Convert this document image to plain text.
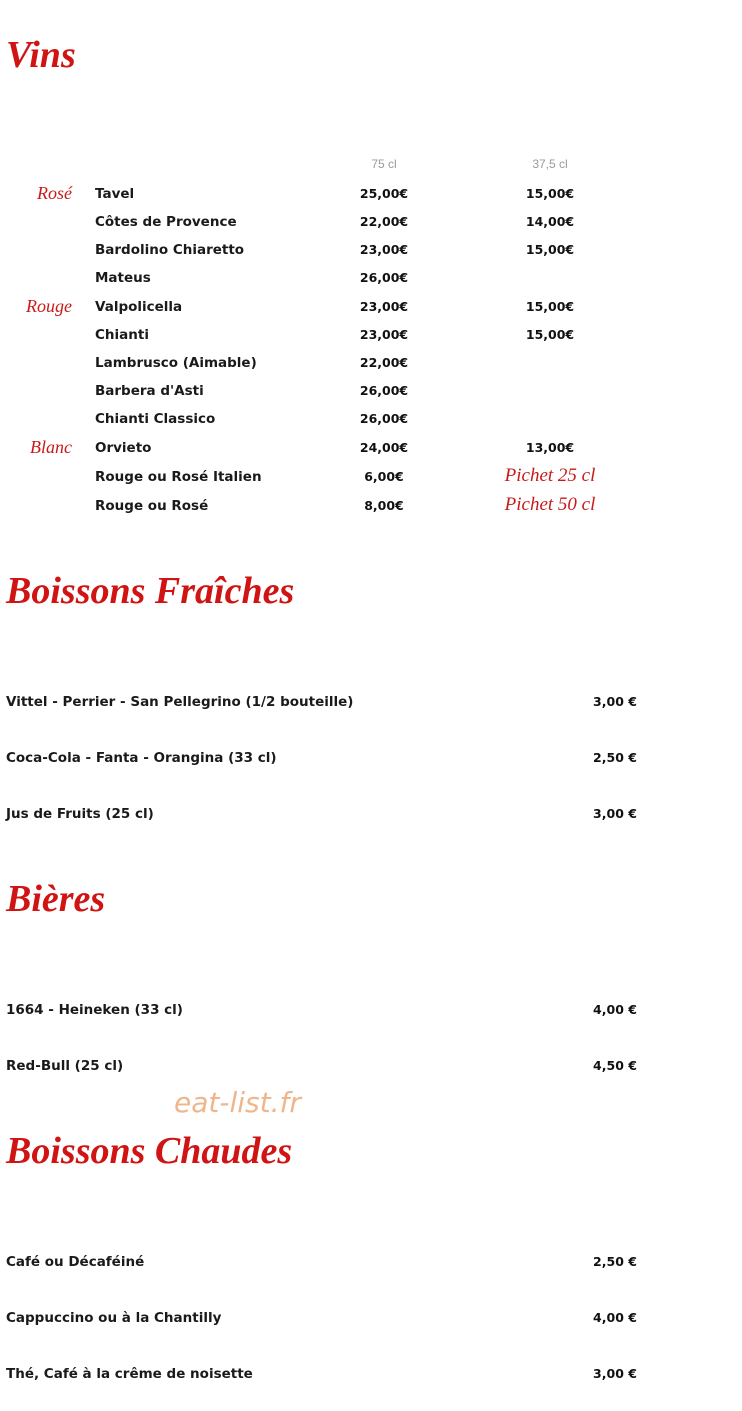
Vins
75 cl	37,5 cl
Rosé Tavel	25,00€	15,00€
Côtes de Provence	22,00€	14,00€
Bardolino Chiaretto	23,00€	15,00€
Mateus	26,00€
Rouge Valpolicella	23,00€	15,00€
Chianti	23,00€	15,00€
Lambrusco (Aimable)	22,00€
Barbera d'Asti	26,00€
Chianti Classico	26,00€
Blanc Orvieto	24,00€	13,00€
Rouge ou Rosé Italien	6,00€	Pichet 25 cl
Rouge ou Rosé	8,00€	Pichet 50 cl
Boissons Fraîches
Vittel - Perrier - San Pellegrino (1/2 bouteille)	3,00 €
Coca-Cola - Fanta - Orangina (33 cl)	2,50 €
Jus de Fruits (25 cl)	3,00 €
Bières
1664 - Heineken (33 cl)	4,00 €
Red-Bull (25 cl)	4,50 €
eat-list.fr
Boissons Chaudes
Café ou Décaféiné	2,50 €
Cappuccino ou à la Chantilly	4,00 €
Thé, Café à la crême de noisette	3,00 €
